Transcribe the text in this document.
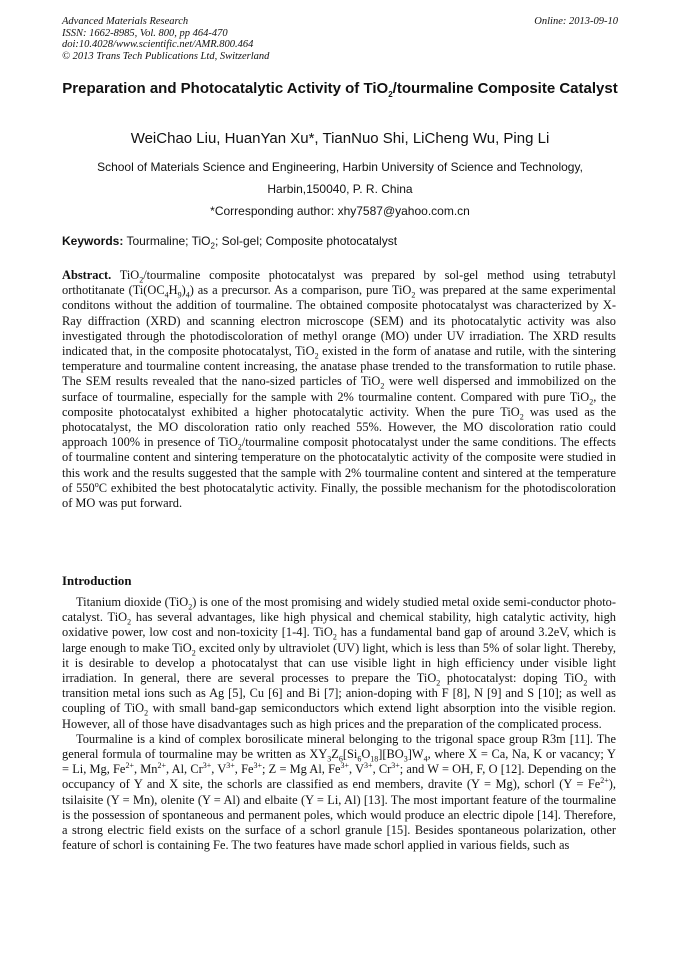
Advanced Materials Research
ISSN: 1662-8985, Vol. 800, pp 464-470
doi:10.4028/www.scientific.net/AMR.800.464
© 2013 Trans Tech Publications Ltd, Switzerland
Online: 2013-09-10
Preparation and Photocatalytic Activity of TiO$_2$/tourmaline Composite Catalyst
WeiChao Liu, HuanYan Xu*, TianNuo Shi, LiCheng Wu, Ping Li
School of Materials Science and Engineering, Harbin University of Science and Technology,
Harbin,150040, P. R. China
*Corresponding author: xhy7587@yahoo.com.cn
Keywords: Tourmaline; TiO$_2$; Sol-gel; Composite photocatalyst

Abstract. TiO$_2$/tourmaline composite photocatalyst was prepared by sol-gel method using tetrabutyl orthotitanate $(Ti(OC_4H_9)_4)$ as a precursor. As a comparison, pure TiO$_2$ was prepared at the same experimental conditons without the addition of tourmaline. The obtained composite photocatalyst was characterized by X-Ray diffraction (XRD) and scanning electron microscope (SEM) and its photocatalytic activity was also investigated through the photodiscoloration of methyl orange (MO) under UV irradiation. The XRD results indicated that, in the composite photocatalyst, TiO$_2$ existed in the form of anatase and rutile, with the sintering temperature and tourmaline content increasing, the anatase phase trended to the transformation to rutile phase. The SEM results revealed that the nano-sized particles of TiO$_2$ were well dispersed and immobilized on the surface of tourmaline, especially for the sample with 2% tourmaline content. Compared with pure TiO$_2$, the composite photocatalyst exhibited a higher photocatalytic activity. When the pure TiO$_2$ was used as the photocatalyst, the MO discoloration ratio only reached 55%. However, the MO discoloration ratio could approach 100% in presence of TiO$_2$/tourmaline composit photocatalyst under the same conditions. The effects of tourmaline content and sintering temperature on the photocatalytic activity of the composite were studied in this work and the results suggested that the sample with 2% tourmaline content and sintered at the temperature of 550$^o$C exhibited the best photocatalytic activity. Finally, the possible mechanism for the photodiscoloration of MO was put forward.

Introduction

Titanium dioxide (TiO$_2$) is one of the most promising and widely studied metal oxide semi-conductor photo-catalyst. TiO$_2$ has several advantages, like high physical and chemical stability, high catalytic activity, high oxidative power, low cost and non-toxicity [1-4]. TiO$_2$ has a fundamental band gap of around 3.2eV, which is large enough to make TiO$_2$ excited only by ultraviolet (UV) light, which is less than 5% of solar light. Thereby, it is desirable to develop a photocatalyst that can use visible light in high efficiency under visible light irradiation. In general, there are several processes to prepare the TiO$_2$ photocatalyst: doping TiO$_2$ with transition metal ions such as Ag [5], Cu [6] and Bi [7]; anion-doping with F [8], N [9] and S [10]; as well as coupling of TiO$_2$ with small band-gap semiconductors which extend light absorption into the visible region. However, all of those have disadvantages such as high prices and the preparation of the complicated process.

Tourmaline is a kind of complex borosilicate mineral belonging to the trigonal space group R3m [11]. The general formula of tourmaline may be written as $XY_3Z_6[Si_6O_{18}][BO_3]W_4$, where X = Ca, Na, K or vacancy; Y = Li, Mg, $Fe^{2+}$, $Mn^{2+}$, Al, $Cr^{3+}$, $V^{3+}$, $Fe^{3+}$; Z = Mg Al, $Fe^{3+}$, $V^{3+}$, $Cr^{3+}$; and W = OH, F, O [12]. Depending on the occupancy of Y and X site, the schorls are classified as end members, dravite (Y = Mg), schorl $(Y = Fe^{2+})$, tsilaisite (Y = Mn), olenite (Y = Al) and elbaite (Y = Li, Al) [13]. The most important feature of the tourmaline is the possession of spontaneous and permanent poles, which would produce an electric dipole [14]. Therefore, a strong electric field exists on the surface of a schorl granule [15]. Besides spontaneous polarization, other feature of schorl is containing Fe. The two features have made schorl applied in various fields, such as
